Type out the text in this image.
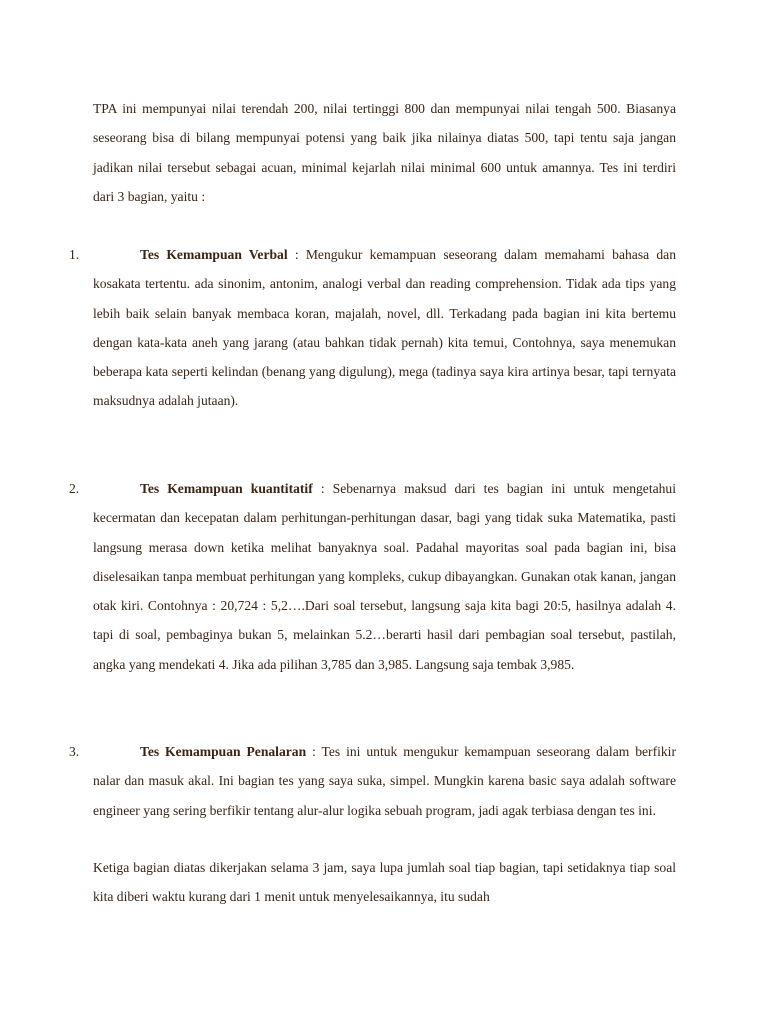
TPA ini mempunyai nilai terendah 200, nilai tertinggi 800 dan mempunyai nilai tengah 500. Biasanya seseorang bisa di bilang mempunyai potensi yang baik jika nilainya diatas 500, tapi tentu saja jangan jadikan nilai tersebut sebagai acuan, minimal kejarlah nilai minimal 600 untuk amannya. Tes ini terdiri dari 3 bagian, yaitu :

1.	Tes Kemampuan Verbal : Mengukur kemampuan seseorang dalam memahami bahasa dan kosakata tertentu. ada sinonim, antonim, analogi verbal dan reading comprehension. Tidak ada tips yang lebih baik selain banyak membaca koran, majalah, novel, dll. Terkadang pada bagian ini kita bertemu dengan kata-kata aneh yang jarang (atau bahkan tidak pernah) kita temui, Contohnya, saya menemukan beberapa kata seperti kelindan (benang yang digulung), mega (tadinya saya kira artinya besar, tapi ternyata maksudnya adalah jutaan).

2.	Tes Kemampuan kuantitatif : Sebenarnya maksud dari tes bagian ini untuk mengetahui kecermatan dan kecepatan dalam perhitungan-perhitungan dasar, bagi yang tidak suka Matematika, pasti langsung merasa down ketika melihat banyaknya soal. Padahal mayoritas soal pada bagian ini, bisa diselesaikan tanpa membuat perhitungan yang kompleks, cukup dibayangkan. Gunakan otak kanan, jangan otak kiri. Contohnya : 20,724 : 5,2….Dari soal tersebut, langsung saja kita bagi 20:5, hasilnya adalah 4. tapi di soal, pembaginya bukan 5, melainkan 5.2…berarti hasil dari pembagian soal tersebut, pastilah, angka yang mendekati 4. Jika ada pilihan 3,785 dan 3,985. Langsung saja tembak 3,985.

3.	Tes Kemampuan Penalaran : Tes ini untuk mengukur kemampuan seseorang dalam berfikir nalar dan masuk akal. Ini bagian tes yang saya suka, simpel. Mungkin karena basic saya adalah software engineer yang sering berfikir tentang alur-alur logika sebuah program, jadi agak terbiasa dengan tes ini.

Ketiga bagian diatas dikerjakan selama 3 jam, saya lupa jumlah soal tiap bagian, tapi setidaknya tiap soal kita diberi waktu kurang dari 1 menit untuk menyelesaikannya, itu sudah
